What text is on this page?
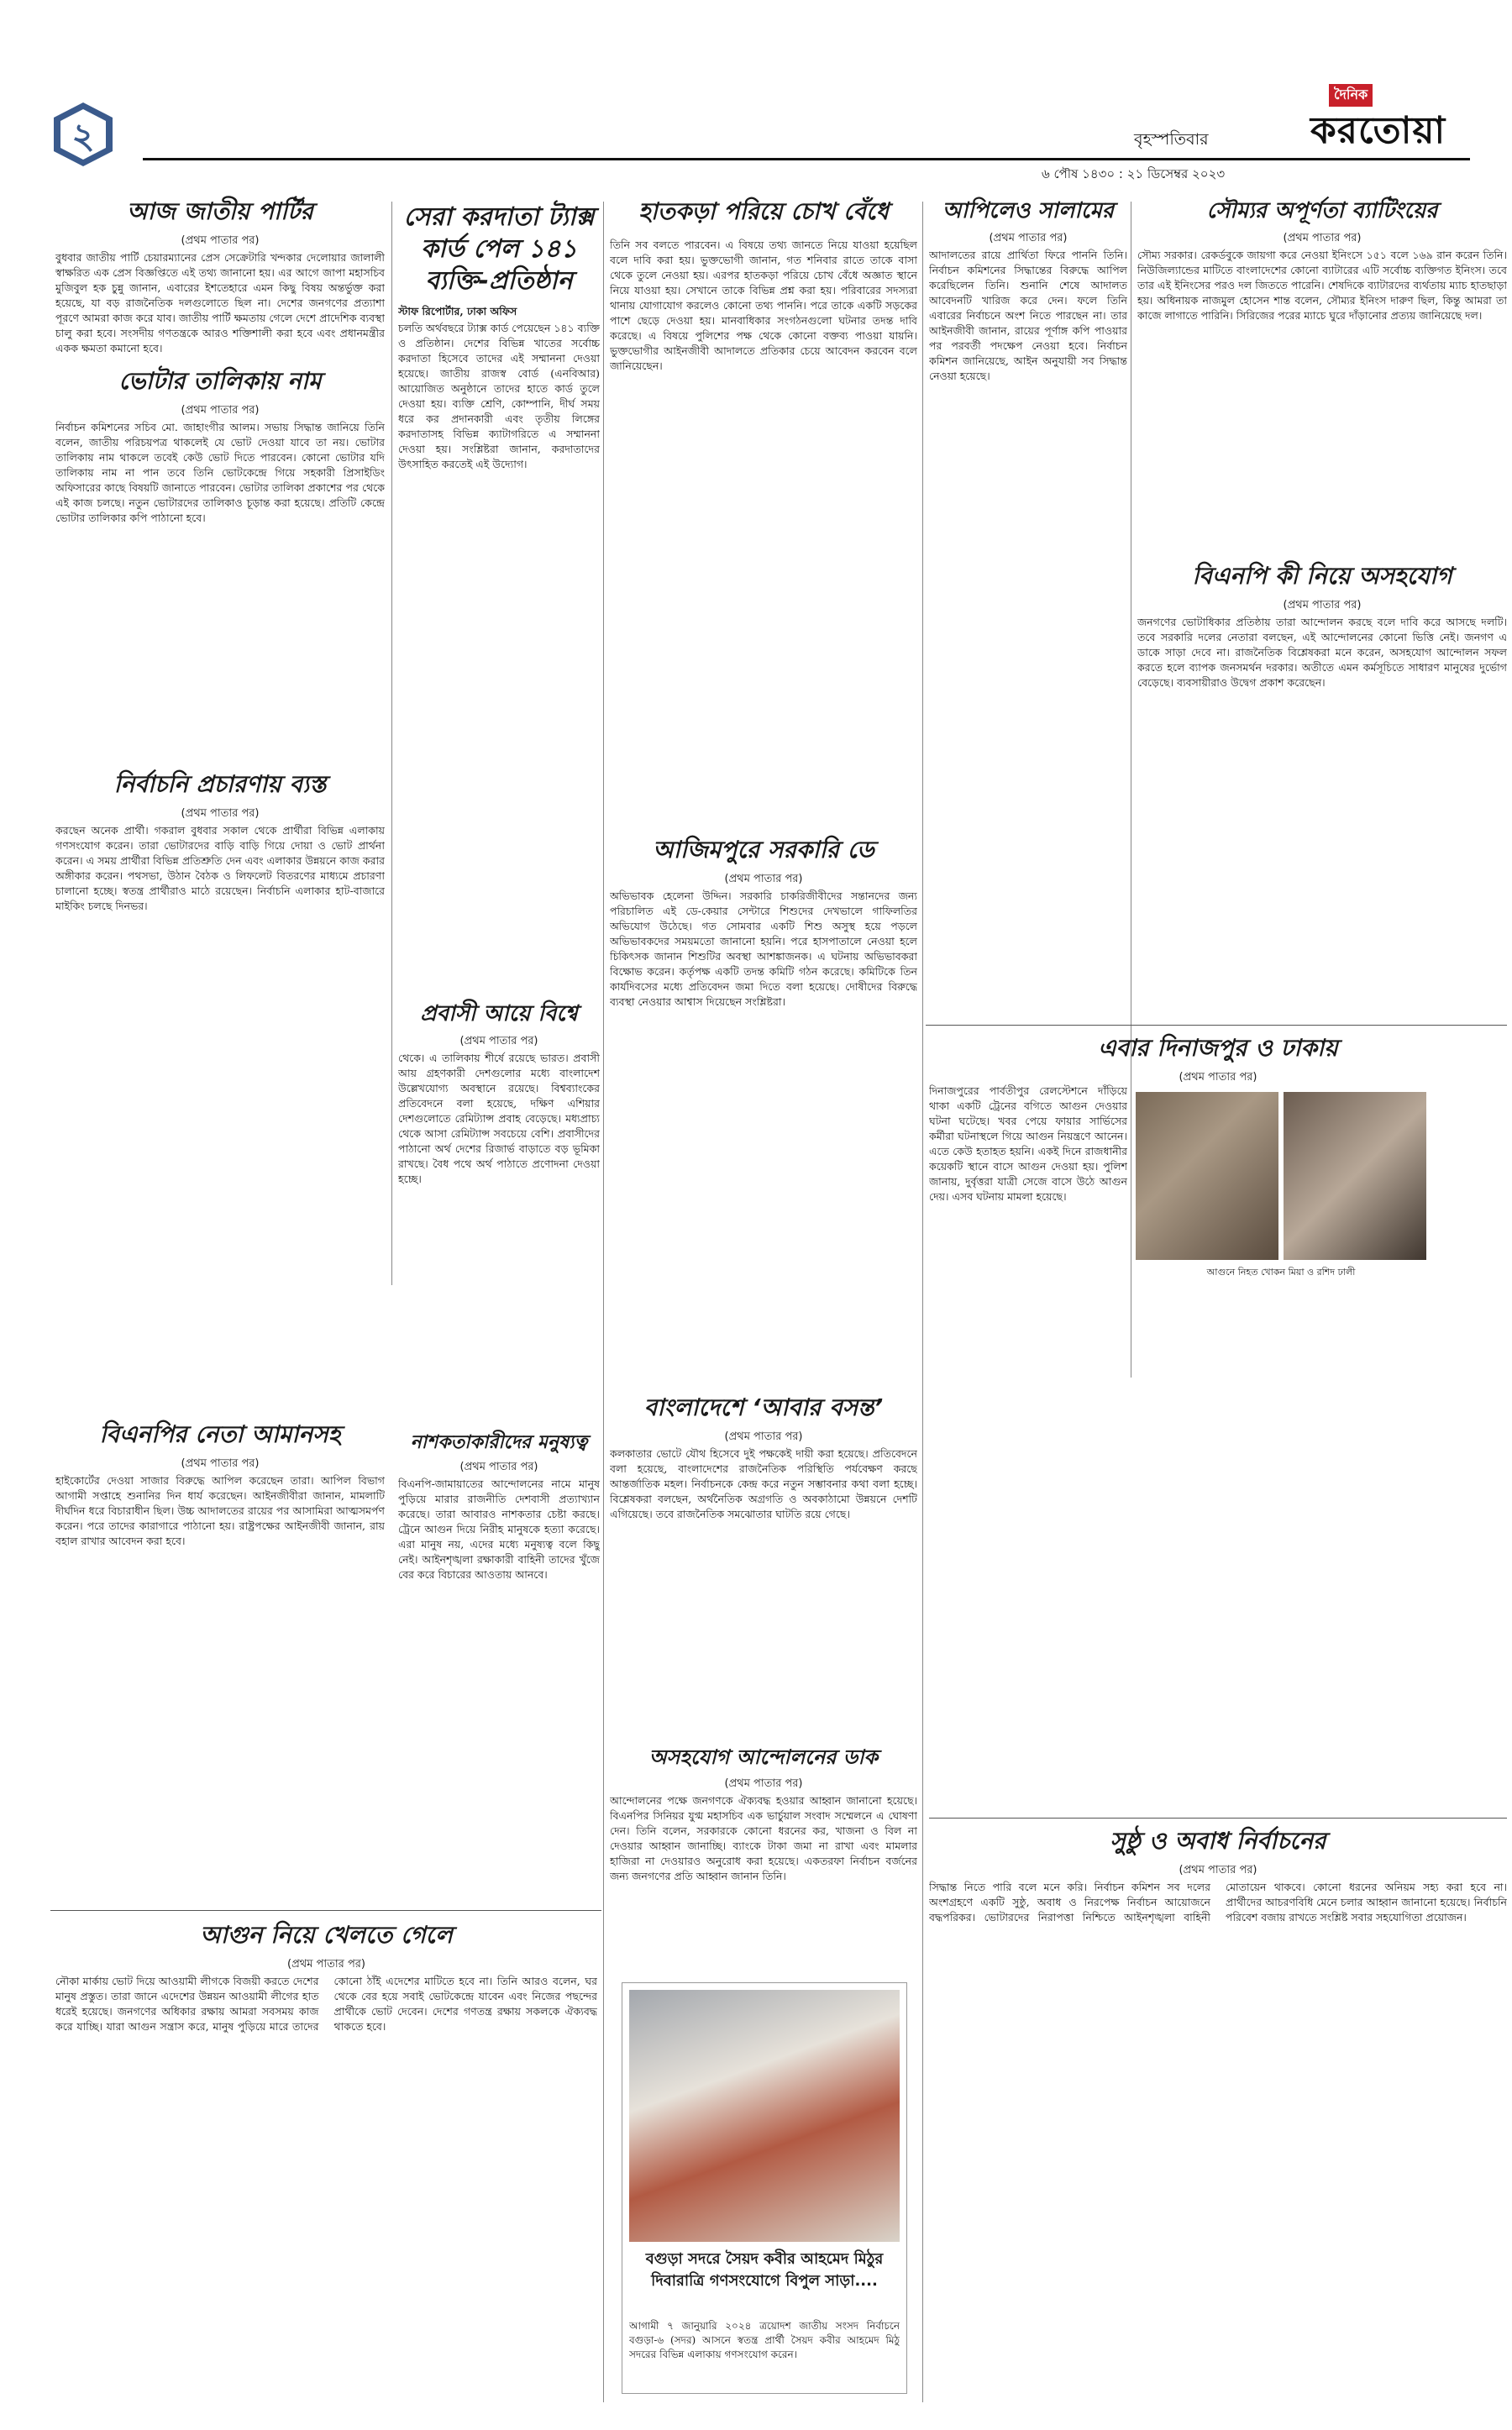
২	বৃহস্পতিবার
দৈনিক
করতোয়া
৬ পৌষ ১৪৩০ : ২১ ডিসেম্বর ২০২৩
আজ জাতীয় পার্টির
(প্রথম পাতার পর)
বুধবার জাতীয় পার্টি চেয়ারম্যানের প্রেস সেক্রেটারি খন্দকার দেলোয়ার জালালী স্বাক্ষরিত এক প্রেস বিজ্ঞপ্তিতে এই তথ্য জানানো হয়। এর আগে জাপা মহাসচিব মুজিবুল হক চুন্নু জানান, এবারের ইশতেহারে এমন কিছু বিষয় অন্তর্ভুক্ত করা হয়েছে, যা বড় রাজনৈতিক দলগুলোতে ছিল না। দেশের জনগণের প্রত্যাশা পূরণে আমরা কাজ করে যাব। জাতীয় পার্টি ক্ষমতায় গেলে দেশে প্রাদেশিক ব্যবস্থা চালু করা হবে। সংসদীয় গণতন্ত্রকে আরও শক্তিশালী করা হবে এবং প্রধানমন্ত্রীর একক ক্ষমতা কমানো হবে।
ভোটার তালিকায় নাম
(প্রথম পাতার পর)
নির্বাচন কমিশনের সচিব মো. জাহাংগীর আলম। সভায় সিদ্ধান্ত জানিয়ে তিনি বলেন, জাতীয় পরিচয়পত্র থাকলেই যে ভোট দেওয়া যাবে তা নয়। ভোটার তালিকায় নাম থাকলে তবেই কেউ ভোট দিতে পারবেন। কোনো ভোটার যদি তালিকায় নাম না পান তবে তিনি ভোটকেন্দ্রে গিয়ে সহকারী প্রিসাইডিং অফিসারের কাছে বিষয়টি জানাতে পারবেন। ভোটার তালিকা প্রকাশের পর থেকে এই কাজ চলছে। নতুন ভোটারদের তালিকাও চূড়ান্ত করা হয়েছে। প্রতিটি কেন্দ্রে ভোটার তালিকার কপি পাঠানো হবে।
নির্বাচনি প্রচারণায় ব্যস্ত
(প্রথম পাতার পর)
করছেন অনেক প্রার্থী। গকরাল বুধবার সকাল থেকে প্রার্থীরা বিভিন্ন এলাকায় গণসংযোগ করেন। তারা ভোটারদের বাড়ি বাড়ি গিয়ে দোয়া ও ভোট প্রার্থনা করেন। এ সময় প্রার্থীরা বিভিন্ন প্রতিশ্রুতি দেন এবং এলাকার উন্নয়নে কাজ করার অঙ্গীকার করেন। পথসভা, উঠান বৈঠক ও লিফলেট বিতরণের মাধ্যমে প্রচারণা চালানো হচ্ছে। স্বতন্ত্র প্রার্থীরাও মাঠে রয়েছেন। নির্বাচনি এলাকার হাট-বাজারে মাইকিং চলছে দিনভর।
বিএনপির নেতা আমানসহ
(প্রথম পাতার পর)
হাইকোর্টের দেওয়া সাজার বিরুদ্ধে আপিল করেছেন তারা। আপিল বিভাগ আগামী সপ্তাহে শুনানির দিন ধার্য করেছেন। আইনজীবীরা জানান, মামলাটি দীর্ঘদিন ধরে বিচারাধীন ছিল। উচ্চ আদালতের রায়ের পর আসামিরা আত্মসমর্পণ করেন। পরে তাদের কারাগারে পাঠানো হয়। রাষ্ট্রপক্ষের আইনজীবী জানান, রায় বহাল রাখার আবেদন করা হবে।
আগুন নিয়ে খেলতে গেলে
(প্রথম পাতার পর)
নৌকা মার্কায় ভোট দিয়ে আওয়ামী লীগকে বিজয়ী করতে দেশের মানুষ প্রস্তুত। তারা জানে এদেশের উন্নয়ন আওয়ামী লীগের হাত ধরেই হয়েছে। জনগণের অধিকার রক্ষায় আমরা সবসময় কাজ করে যাচ্ছি। যারা আগুন সন্ত্রাস করে, মানুষ পুড়িয়ে মারে তাদের কোনো ঠাঁই এদেশের মাটিতে হবে না। তিনি আরও বলেন, ঘর থেকে বের হয়ে সবাই ভোটকেন্দ্রে যাবেন এবং নিজের পছন্দের প্রার্থীকে ভোট দেবেন। দেশের গণতন্ত্র রক্ষায় সকলকে ঐক্যবদ্ধ থাকতে হবে।
সেরা করদাতা ট্যাক্স কার্ড পেল ১৪১ ব্যক্তি-প্রতিষ্ঠান
স্টাফ রিপোর্টার, ঢাকা অফিস
চলতি অর্থবছরে ট্যাক্স কার্ড পেয়েছেন ১৪১ ব্যক্তি ও প্রতিষ্ঠান। দেশের বিভিন্ন খাতের সর্বোচ্চ করদাতা হিসেবে তাদের এই সম্মাননা দেওয়া হয়েছে। জাতীয় রাজস্ব বোর্ড (এনবিআর) আয়োজিত অনুষ্ঠানে তাদের হাতে কার্ড তুলে দেওয়া হয়। ব্যক্তি শ্রেণি, কোম্পানি, দীর্ঘ সময় ধরে কর প্রদানকারী এবং তৃতীয় লিঙ্গের করদাতাসহ বিভিন্ন ক্যাটাগরিতে এ সম্মাননা দেওয়া হয়। সংশ্লিষ্টরা জানান, করদাতাদের উৎসাহিত করতেই এই উদ্যোগ।
প্রবাসী আয়ে বিশ্বে
(প্রথম পাতার পর)
থেকে। এ তালিকায় শীর্ষে রয়েছে ভারত। প্রবাসী আয় গ্রহণকারী দেশগুলোর মধ্যে বাংলাদেশ উল্লেখযোগ্য অবস্থানে রয়েছে। বিশ্বব্যাংকের প্রতিবেদনে বলা হয়েছে, দক্ষিণ এশিয়ার দেশগুলোতে রেমিট্যান্স প্রবাহ বেড়েছে। মধ্যপ্রাচ্য থেকে আসা রেমিট্যান্স সবচেয়ে বেশি। প্রবাসীদের পাঠানো অর্থ দেশের রিজার্ভ বাড়াতে বড় ভূমিকা রাখছে। বৈধ পথে অর্থ পাঠাতে প্রণোদনা দেওয়া হচ্ছে।
নাশকতাকারীদের মনুষ্যত্ব
(প্রথম পাতার পর)
বিএনপি-জামায়াতের আন্দোলনের নামে মানুষ পুড়িয়ে মারার রাজনীতি দেশবাসী প্রত্যাখ্যান করেছে। তারা আবারও নাশকতার চেষ্টা করছে। ট্রেনে আগুন দিয়ে নিরীহ মানুষকে হত্যা করেছে। এরা মানুষ নয়, এদের মধ্যে মনুষ্যত্ব বলে কিছু নেই। আইনশৃঙ্খলা রক্ষাকারী বাহিনী তাদের খুঁজে বের করে বিচারের আওতায় আনবে।
হাতকড়া পরিয়ে চোখ বেঁধে
তিনি সব বলতে পারবেন। এ বিষয়ে তথ্য জানতে নিয়ে যাওয়া হয়েছিল বলে দাবি করা হয়। ভুক্তভোগী জানান, গত শনিবার রাতে তাকে বাসা থেকে তুলে নেওয়া হয়। এরপর হাতকড়া পরিয়ে চোখ বেঁধে অজ্ঞাত স্থানে নিয়ে যাওয়া হয়। সেখানে তাকে বিভিন্ন প্রশ্ন করা হয়। পরিবারের সদস্যরা থানায় যোগাযোগ করলেও কোনো তথ্য পাননি। পরে তাকে একটি সড়কের পাশে ছেড়ে দেওয়া হয়। মানবাধিকার সংগঠনগুলো ঘটনার তদন্ত দাবি করেছে। এ বিষয়ে পুলিশের পক্ষ থেকে কোনো বক্তব্য পাওয়া যায়নি। ভুক্তভোগীর আইনজীবী আদালতে প্রতিকার চেয়ে আবেদন করবেন বলে জানিয়েছেন।
আজিমপুরে সরকারি ডে
(প্রথম পাতার পর)
অভিভাবক হেলেনা উদ্দিন। সরকারি চাকরিজীবীদের সন্তানদের জন্য পরিচালিত এই ডে-কেয়ার সেন্টারে শিশুদের দেখভালে গাফিলতির অভিযোগ উঠেছে। গত সোমবার একটি শিশু অসুস্থ হয়ে পড়লে অভিভাবকদের সময়মতো জানানো হয়নি। পরে হাসপাতালে নেওয়া হলে চিকিৎসক জানান শিশুটির অবস্থা আশঙ্কাজনক। এ ঘটনায় অভিভাবকরা বিক্ষোভ করেন। কর্তৃপক্ষ একটি তদন্ত কমিটি গঠন করেছে। কমিটিকে তিন কার্যদিবসের মধ্যে প্রতিবেদন জমা দিতে বলা হয়েছে। দোষীদের বিরুদ্ধে ব্যবস্থা নেওয়ার আশ্বাস দিয়েছেন সংশ্লিষ্টরা।
বাংলাদেশে ‘আবার বসন্ত’
(প্রথম পাতার পর)
কলকাতার ভোটে যৌথ হিসেবে দুই পক্ষকেই দায়ী করা হয়েছে। প্রতিবেদনে বলা হয়েছে, বাংলাদেশের রাজনৈতিক পরিস্থিতি পর্যবেক্ষণ করছে আন্তর্জাতিক মহল। নির্বাচনকে কেন্দ্র করে নতুন সম্ভাবনার কথা বলা হচ্ছে। বিশ্লেষকরা বলছেন, অর্থনৈতিক অগ্রগতি ও অবকাঠামো উন্নয়নে দেশটি এগিয়েছে। তবে রাজনৈতিক সমঝোতার ঘাটতি রয়ে গেছে।
অসহযোগ আন্দোলনের ডাক
(প্রথম পাতার পর)
আন্দোলনের পক্ষে জনগণকে ঐক্যবদ্ধ হওয়ার আহ্বান জানানো হয়েছে। বিএনপির সিনিয়র যুগ্ম মহাসচিব এক ভার্চুয়াল সংবাদ সম্মেলনে এ ঘোষণা দেন। তিনি বলেন, সরকারকে কোনো ধরনের কর, খাজনা ও বিল না দেওয়ার আহ্বান জানাচ্ছি। ব্যাংকে টাকা জমা না রাখা এবং মামলার হাজিরা না দেওয়ারও অনুরোধ করা হয়েছে। একতরফা নির্বাচন বর্জনের জন্য জনগণের প্রতি আহ্বান জানান তিনি।
বগুড়া সদরে সৈয়দ কবীর আহমেদ মিঠুর দিবারাত্রি গণসংযোগে বিপুল সাড়া....
আগামী ৭ জানুয়ারি ২০২৪ ত্রয়োদশ জাতীয় সংসদ নির্বাচনে বগুড়া-৬ (সদর) আসনে স্বতন্ত্র প্রার্থী সৈয়দ কবীর আহমেদ মিঠু সদরের বিভিন্ন এলাকায় গণসংযোগ করেন।
আপিলেও সালামের
(প্রথম পাতার পর)
আদালতের রায়ে প্রার্থিতা ফিরে পাননি তিনি। নির্বাচন কমিশনের সিদ্ধান্তের বিরুদ্ধে আপিল করেছিলেন তিনি। শুনানি শেষে আদালত আবেদনটি খারিজ করে দেন। ফলে তিনি এবারের নির্বাচনে অংশ নিতে পারছেন না। তার আইনজীবী জানান, রায়ের পূর্ণাঙ্গ কপি পাওয়ার পর পরবর্তী পদক্ষেপ নেওয়া হবে। নির্বাচন কমিশন জানিয়েছে, আইন অনুযায়ী সব সিদ্ধান্ত নেওয়া হয়েছে।
এবার দিনাজপুর ও ঢাকায়
(প্রথম পাতার পর)
দিনাজপুরের পার্বতীপুর রেলস্টেশনে দাঁড়িয়ে থাকা একটি ট্রেনের বগিতে আগুন দেওয়ার ঘটনা ঘটেছে। খবর পেয়ে ফায়ার সার্ভিসের কর্মীরা ঘটনাস্থলে গিয়ে আগুন নিয়ন্ত্রণে আনেন। এতে কেউ হতাহত হয়নি। একই দিনে রাজধানীর কয়েকটি স্থানে বাসে আগুন দেওয়া হয়। পুলিশ জানায়, দুর্বৃত্তরা যাত্রী সেজে বাসে উঠে আগুন দেয়। এসব ঘটনায় মামলা হয়েছে।
আগুনে নিহত খোকন মিয়া ও রশিদ ঢালী
সুষ্ঠু ও অবাধ নির্বাচনের
(প্রথম পাতার পর)
সিদ্ধান্ত নিতে পারি বলে মনে করি। নির্বাচন কমিশন সব দলের অংশগ্রহণে একটি সুষ্ঠু, অবাধ ও নিরপেক্ষ নির্বাচন আয়োজনে বদ্ধপরিকর। ভোটারদের নিরাপত্তা নিশ্চিতে আইনশৃঙ্খলা বাহিনী মোতায়েন থাকবে। কোনো ধরনের অনিয়ম সহ্য করা হবে না। প্রার্থীদের আচরণবিধি মেনে চলার আহ্বান জানানো হয়েছে। নির্বাচনি পরিবেশ বজায় রাখতে সংশ্লিষ্ট সবার সহযোগিতা প্রয়োজন।
সৌম্যর অপূর্ণতা ব্যাটিংয়ের
(প্রথম পাতার পর)
সৌম্য সরকার। রেকর্ডবুকে জায়গা করে নেওয়া ইনিংসে ১৫১ বলে ১৬৯ রান করেন তিনি। নিউজিল্যান্ডের মাটিতে বাংলাদেশের কোনো ব্যাটারের এটি সর্বোচ্চ ব্যক্তিগত ইনিংস। তবে তার এই ইনিংসের পরও দল জিততে পারেনি। শেষদিকে ব্যাটারদের ব্যর্থতায় ম্যাচ হাতছাড়া হয়। অধিনায়ক নাজমুল হোসেন শান্ত বলেন, সৌম্যর ইনিংস দারুণ ছিল, কিন্তু আমরা তা কাজে লাগাতে পারিনি। সিরিজের পরের ম্যাচে ঘুরে দাঁড়ানোর প্রত্যয় জানিয়েছে দল।
বিএনপি কী নিয়ে অসহযোগ
(প্রথম পাতার পর)
জনগণের ভোটাধিকার প্রতিষ্ঠায় তারা আন্দোলন করছে বলে দাবি করে আসছে দলটি। তবে সরকারি দলের নেতারা বলছেন, এই আন্দোলনের কোনো ভিত্তি নেই। জনগণ এ ডাকে সাড়া দেবে না। রাজনৈতিক বিশ্লেষকরা মনে করেন, অসহযোগ আন্দোলন সফল করতে হলে ব্যাপক জনসমর্থন দরকার। অতীতে এমন কর্মসূচিতে সাধারণ মানুষের দুর্ভোগ বেড়েছে। ব্যবসায়ীরাও উদ্বেগ প্রকাশ করেছেন।
